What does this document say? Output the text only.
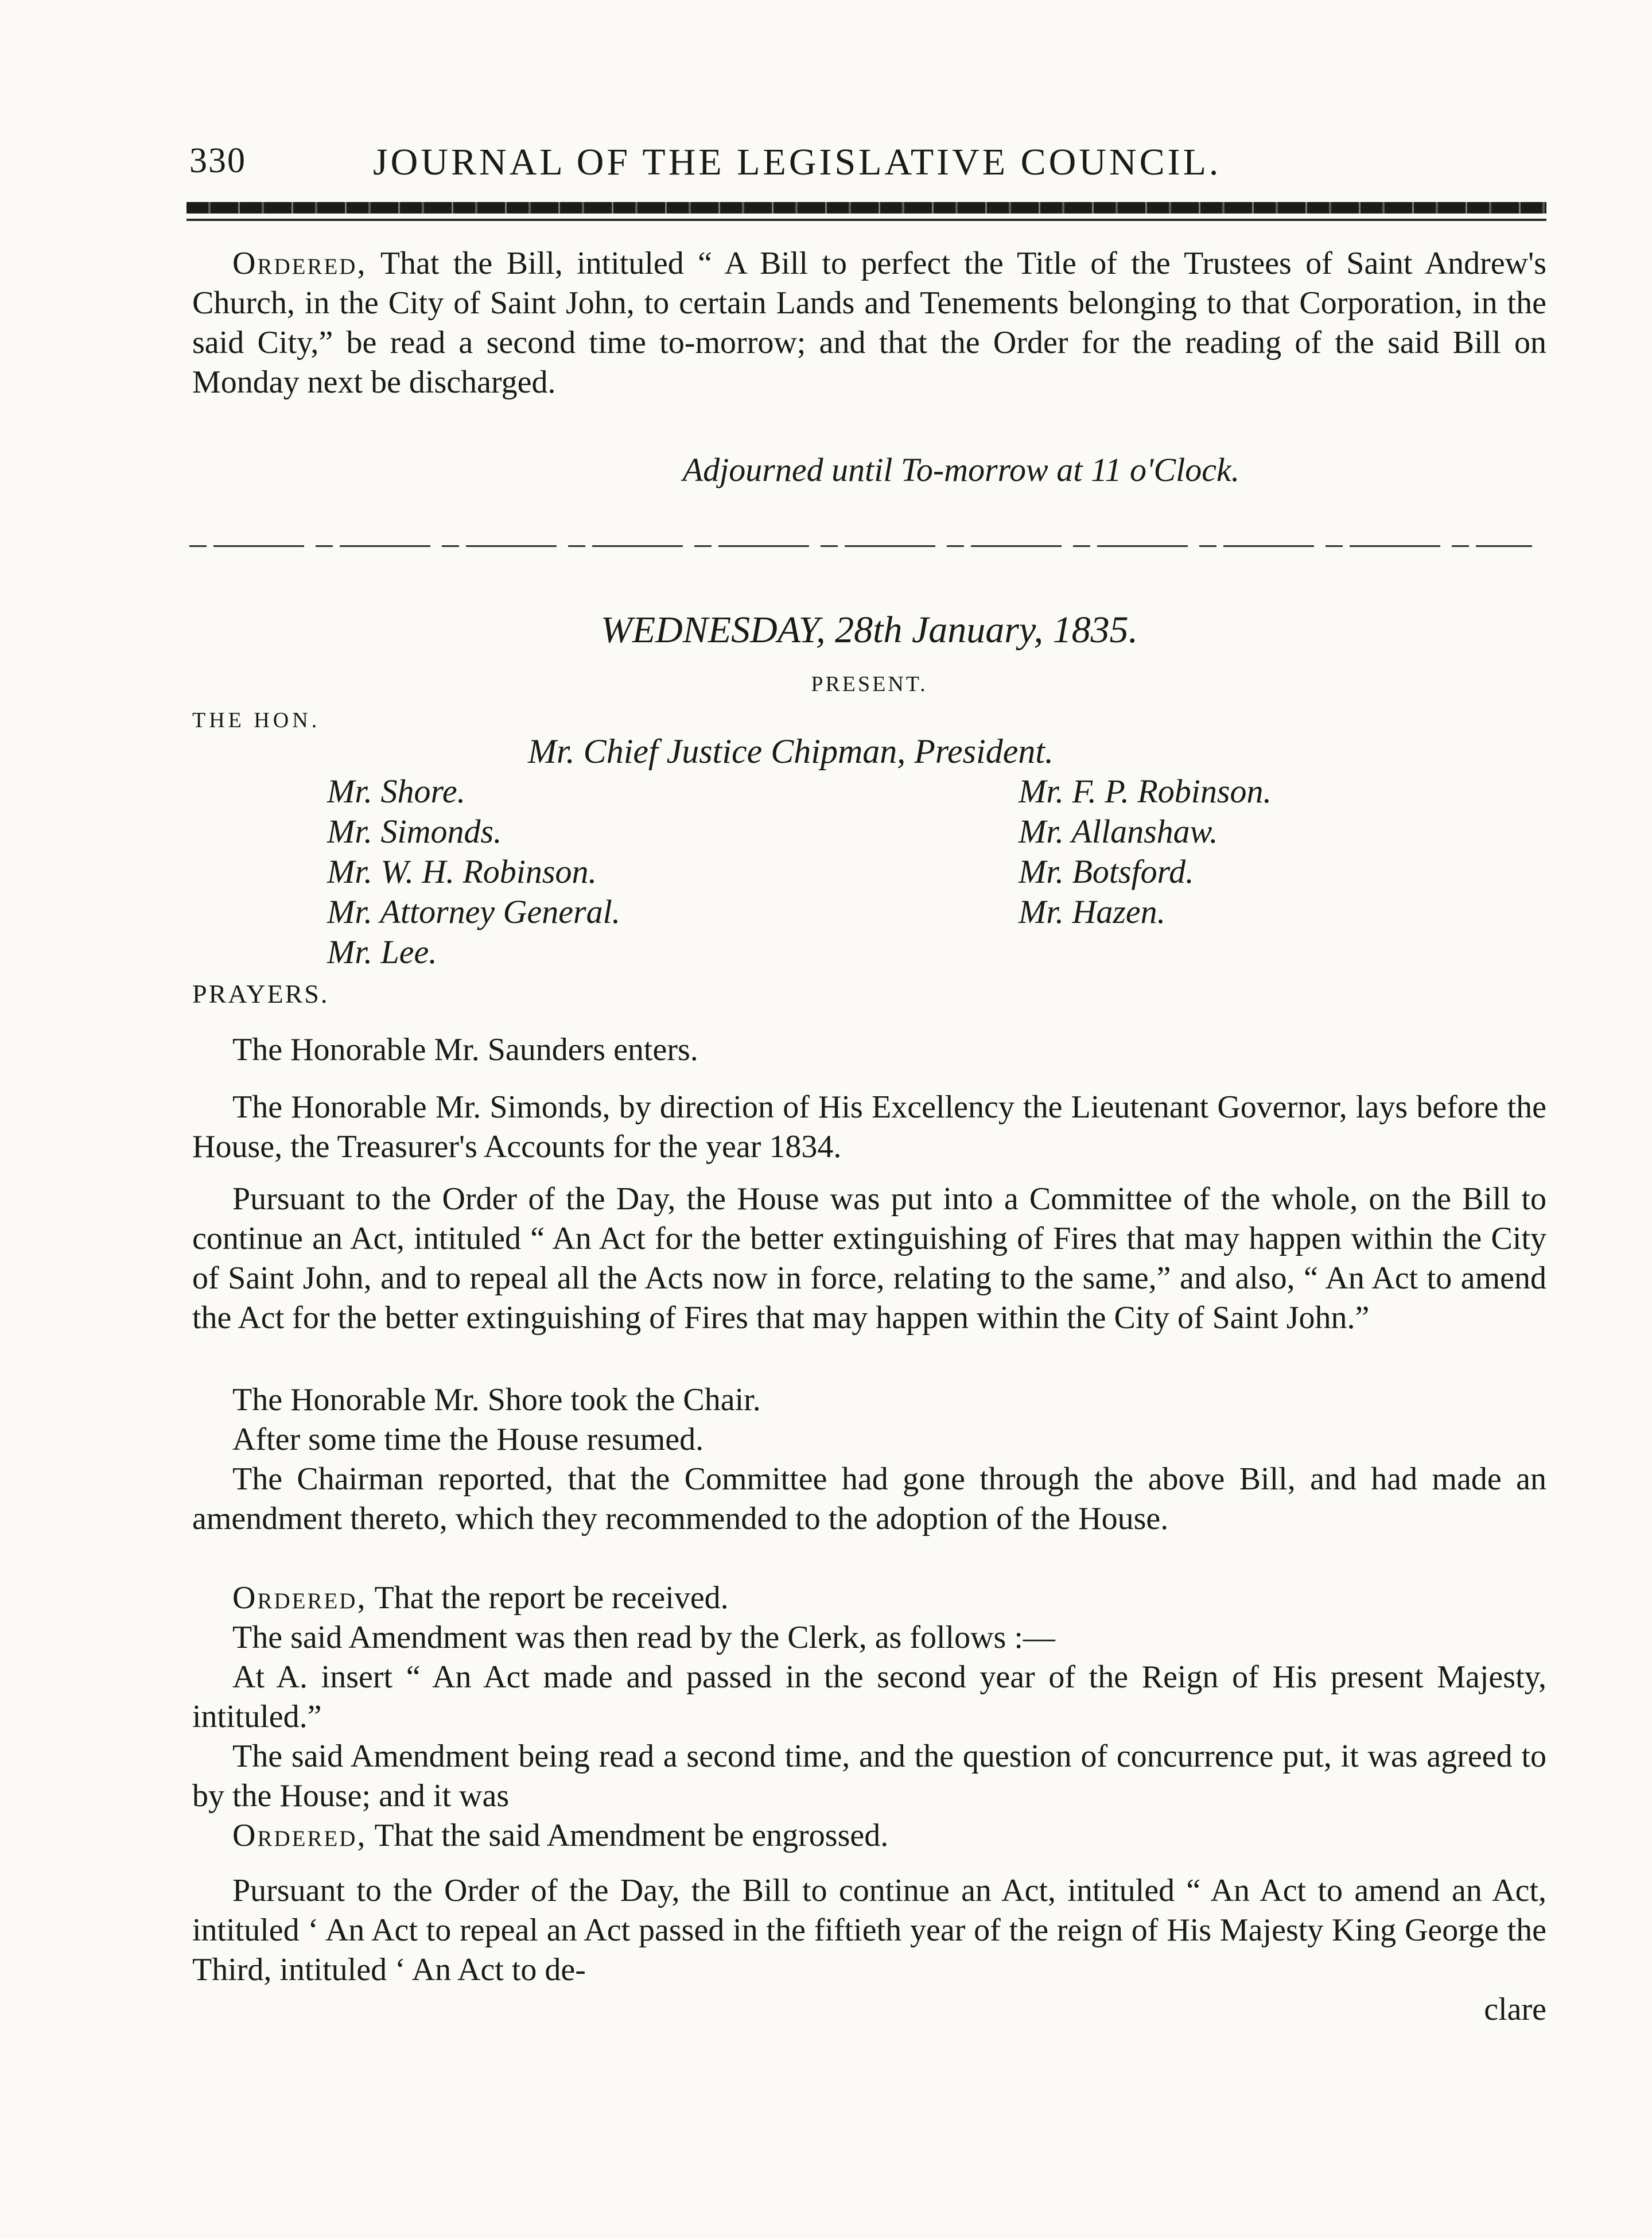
330	JOURNAL OF THE LEGISLATIVE COUNCIL.
Ordered, That the Bill, intituled “ A Bill to perfect the Title of the Trustees of Saint Andrew's Church, in the City of Saint John, to certain Lands and Tenements belonging to that Corporation, in the said City,” be read a second time to-morrow; and that the Order for the reading of the said Bill on Monday next be discharged.
Adjourned until To-morrow at 11 o'Clock.
WEDNESDAY, 28th January, 1835.
PRESENT.
THE HON.
Mr. Chief Justice Chipman, President.
Mr. Shore.
Mr. Simonds.
Mr. W. H. Robinson.
Mr. Attorney General.
Mr. Lee.
Mr. F. P. Robinson.
Mr. Allanshaw.
Mr. Botsford.
Mr. Hazen.
PRAYERS.
The Honorable Mr. Saunders enters.
The Honorable Mr. Simonds, by direction of His Excellency the Lieutenant Governor, lays before the House, the Treasurer's Accounts for the year 1834.
Pursuant to the Order of the Day, the House was put into a Committee of the whole, on the Bill to continue an Act, intituled “ An Act for the better extinguishing of Fires that may happen within the City of Saint John, and to repeal all the Acts now in force, relating to the same,” and also, “ An Act to amend the Act for the better extinguishing of Fires that may happen within the City of Saint John.”
The Honorable Mr. Shore took the Chair.
After some time the House resumed.
The Chairman reported, that the Committee had gone through the above Bill, and had made an amendment thereto, which they recommended to the adoption of the House.
Ordered, That the report be received.
The said Amendment was then read by the Clerk, as follows :—
At A. insert “ An Act made and passed in the second year of the Reign of His present Majesty, intituled.”
The said Amendment being read a second time, and the question of concurrence put, it was agreed to by the House; and it was
Ordered, That the said Amendment be engrossed.
Pursuant to the Order of the Day, the Bill to continue an Act, intituled “ An Act to amend an Act, intituled ‘ An Act to repeal an Act passed in the fiftieth year of the reign of His Majesty King George the Third, intituled ‘ An Act to de-
clare
